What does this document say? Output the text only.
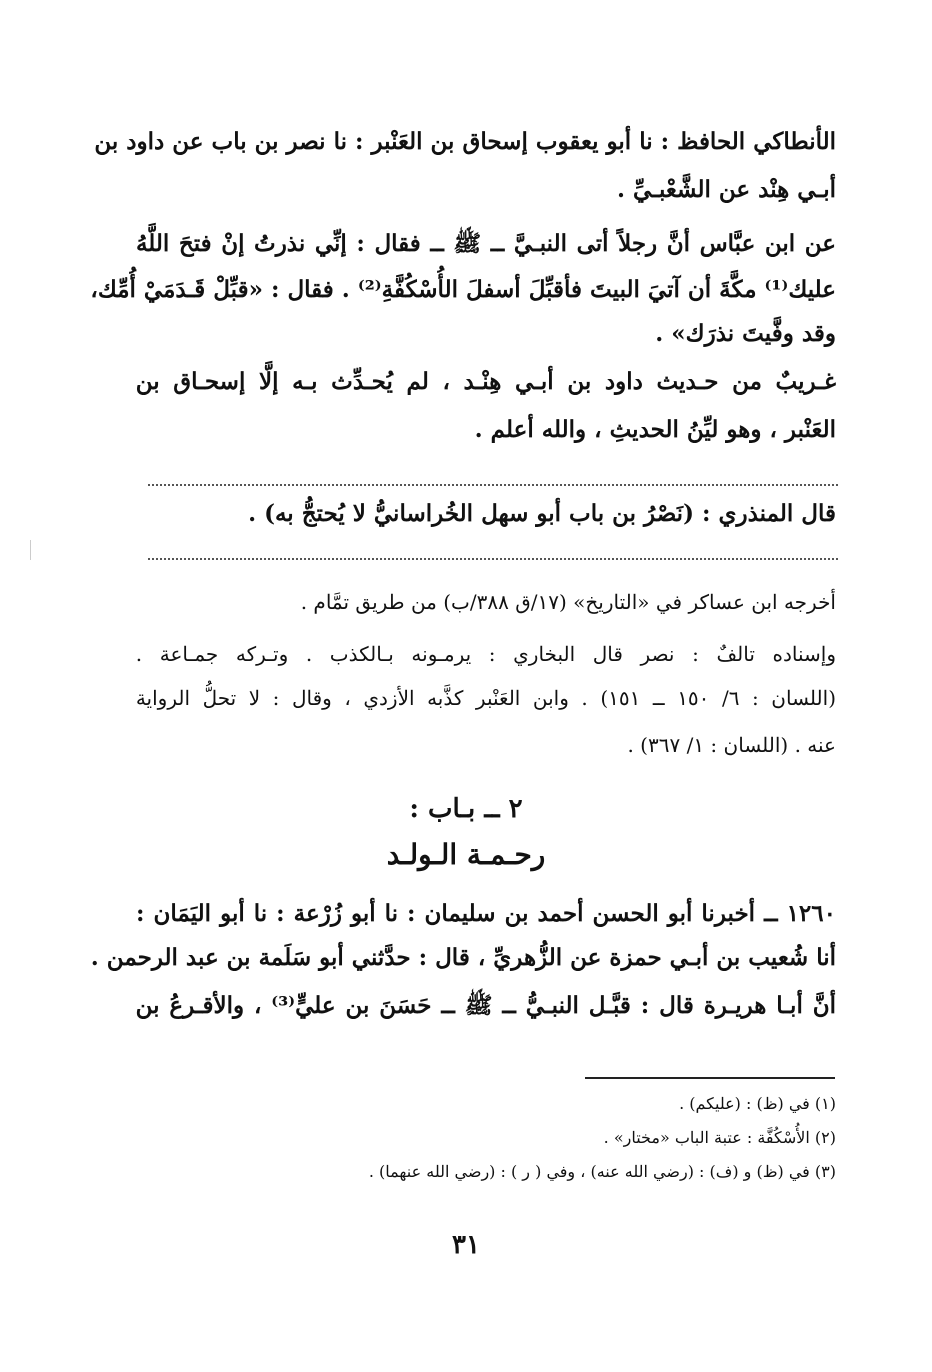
الأنطاكي الحافظ : نا أبو يعقوب إسحاق بن العَنْبر : نا نصر بن باب عن داود بن
أبـي هِنْد عن الشَّعْبـيِّ .
عن ابن عبَّاس أنَّ رجلاً أتى النبـيَّ ــ ﷺ ــ فقال : إنِّي نذرتُ إنْ فتحَ اللَّهُ
عليك⁽¹⁾ مكَّةَ أن آتيَ البيتَ فأقبِّلَ أسفلَ الأُسْكُفَّةِ⁽²⁾ . فقال : «قبِّلْ قَـدَمَيْ أُمِّك،
وقد وفَّيتَ نذرَك» .
غـريبٌ من حـديث داود بن أبـي هِنْـد ، لم يُحـدِّث بـه إلَّا إسحـاق بن
العَنْبر ، وهو ليِّنُ الحديثِ ، والله أعلم .
قال المنذري : (نَصْرُ بن باب أبو سهل الخُراسانيُّ لا يُحتجُّ به) .
أخرجه ابن عساكر في «التاريخ» (١٧/ق ٣٨٨/ب) من طريق تمَّام .
وإسناده تالفٌ : نصر قال البخاري : يرمـونه بـالكذب . وتـركه جمـاعة .
(اللسان : ٦/ ١٥٠ ــ ١٥١) . وابن العَنْبر كذَّبه الأزدي ، وقال : لا تحلُّ الرواية
عنه . (اللسان : ١/ ٣٦٧) .
٢ ــ بـاب :
رحـمـة الـولـد
١٢٦٠ ــ أخبرنا أبو الحسن أحمد بن سليمان : نا أبو زُرْعة : نا أبو اليَمَان :
أنا شُعيب بن أبـي حمزة عن الزُّهريِّ ، قال : حدَّثني أبو سَلَمة بن عبد الرحمن .
أنَّ أبـا هريـرة قال : قبَّـل النبـيُّ ــ ﷺ ــ حَسَنَ بن عليٍّ⁽³⁾ ، والأقـرعُ بن
(١) في (ظ) : (عليكم) .
(٢) الأُسْكُفَّة : عتبة الباب «مختار» .
(٣) في (ظ) و (ف) : (رضي الله عنه) ، وفي ( ر ) : (رضي الله عنهما) .
٣١
